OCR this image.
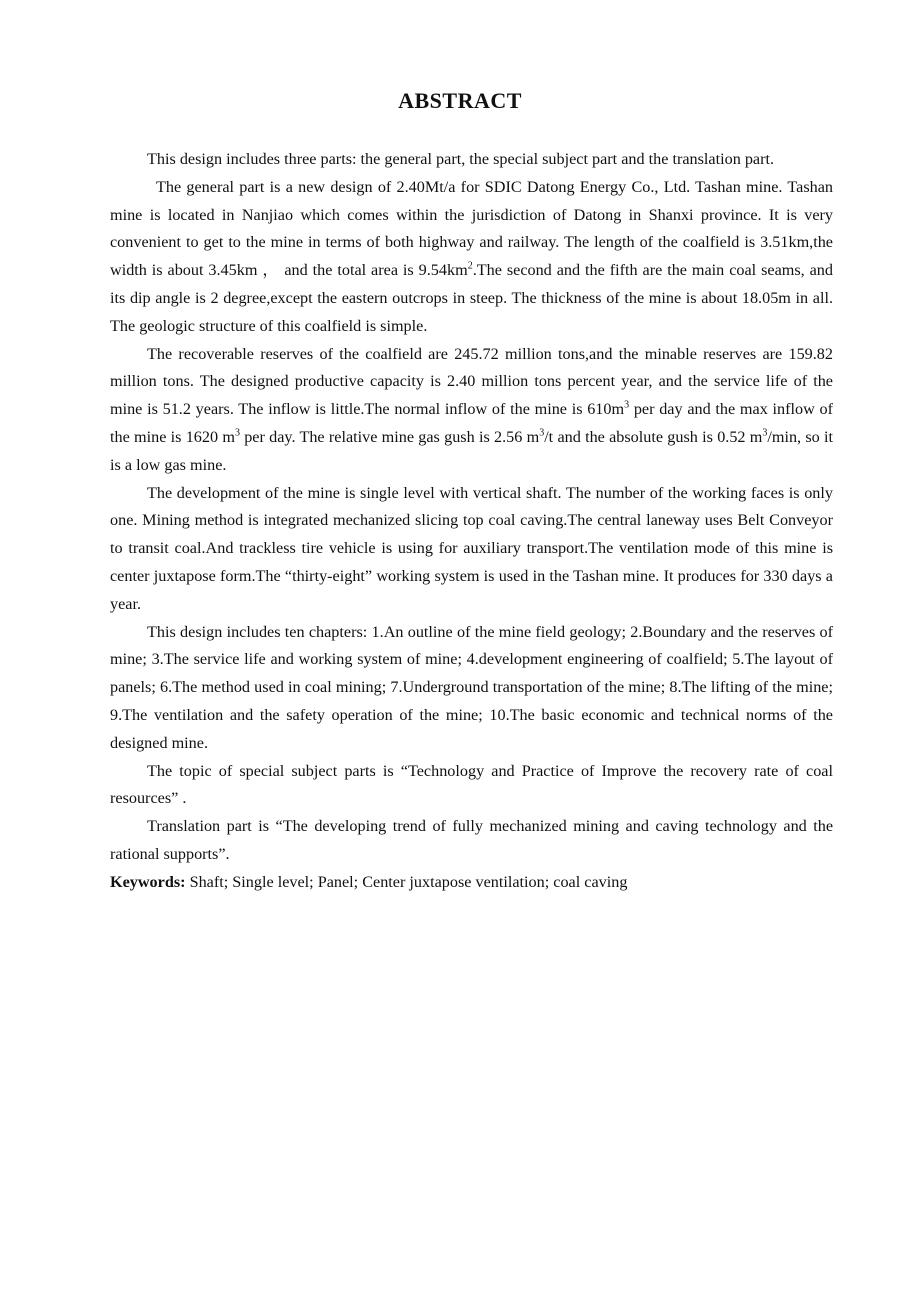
ABSTRACT

This design includes three parts: the general part, the special subject part and the translation part.

The general part is a new design of 2.40Mt/a for SDIC Datong Energy Co., Ltd. Tashan mine. Tashan mine is located in Nanjiao which comes within the jurisdiction of Datong in Shanxi province. It is very convenient to get to the mine in terms of both highway and railway. The length of the coalfield is 3.51km,the width is about 3.45km ， and the total area is $9.54km^2.The$ second and the fifth are the main coal seams, and its dip angle is 2 degree,except the eastern outcrops in steep. The thickness of the mine is about 18.05m in all. The geologic structure of this coalfield is simple.

The recoverable reserves of the coalfield are 245.72 million tons,and the minable reserves are 159.82 million tons. The designed productive capacity is 2.40 million tons percent year, and the service life of the mine is 51.2 years. The inflow is little.The normal inflow of the mine is $610m^3$ per day and the max inflow of the mine is 1620 $m^3$ per day. The relative mine gas gush is 2.56 $m^3/t$ and the absolute gush is 0.52 $m^3/\min$, so it is a low gas mine.

The development of the mine is single level with vertical shaft. The number of the working faces is only one. Mining method is integrated mechanized slicing top coal caving.The central laneway uses Belt Conveyor to transit coal.And trackless tire vehicle is using for auxiliary transport.The ventilation mode of this mine is center juxtapose form.The “thirty-eight” working system is used in the Tashan mine. It produces for 330 days a year.

This design includes ten chapters: 1.An outline of the mine field geology; 2.Boundary and the reserves of mine; 3.The service life and working system of mine; 4.development engineering of coalfield; 5.The layout of panels; 6.The method used in coal mining; 7.Underground transportation of the mine; 8.The lifting of the mine; 9.The ventilation and the safety operation of the mine; 10.The basic economic and technical norms of the designed mine.

The topic of special subject parts is “Technology and Practice of Improve the recovery rate of coal resources” .

Translation part is “The developing trend of fully mechanized mining and caving technology and the rational supports”.

Keywords: Shaft; Single level; Panel; Center juxtapose ventilation; coal caving
